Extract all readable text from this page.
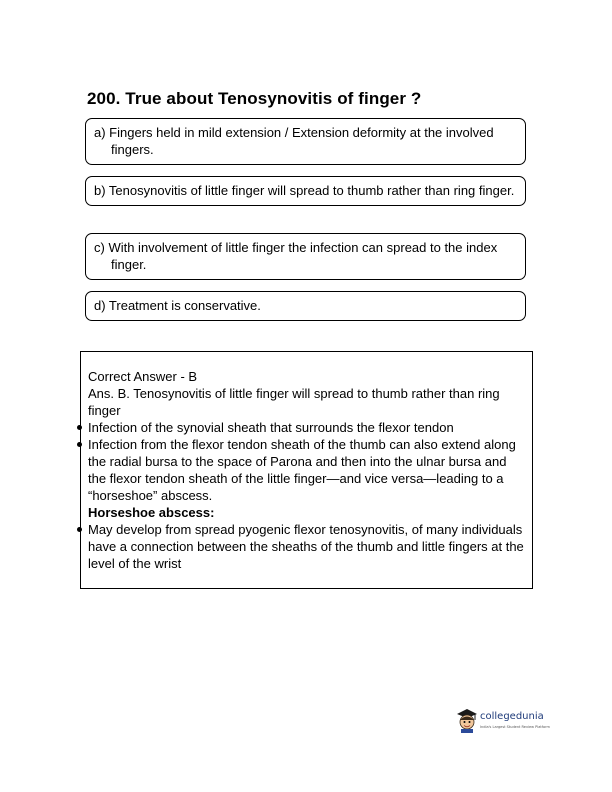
200. True about Tenosynovitis of finger ?
a) Fingers held in mild extension / Extension deformity at the involved fingers.
b) Tenosynovitis of little finger will spread to thumb rather than ring finger.
c) With involvement of little finger the infection can spread to the index finger.
d) Treatment is conservative.

Correct Answer - B

Ans. B. Tenosynovitis of little finger will spread to thumb rather than ring finger

Infection of the synovial sheath that surrounds the flexor tendon
Infection from the flexor tendon sheath of the thumb can also extend along the radial bursa to the space of Parona and then into the ulnar bursa and the flexor tendon sheath of the little finger—and vice versa—leading to a “horseshoe” abscess.

Horseshoe abscess:

May develop from spread pyogenic flexor tenosynovitis, of many individuals have a connection between the sheaths of the thumb and little fingers at the level of the wrist
collegedunia
India's Largest Student Review Platform
